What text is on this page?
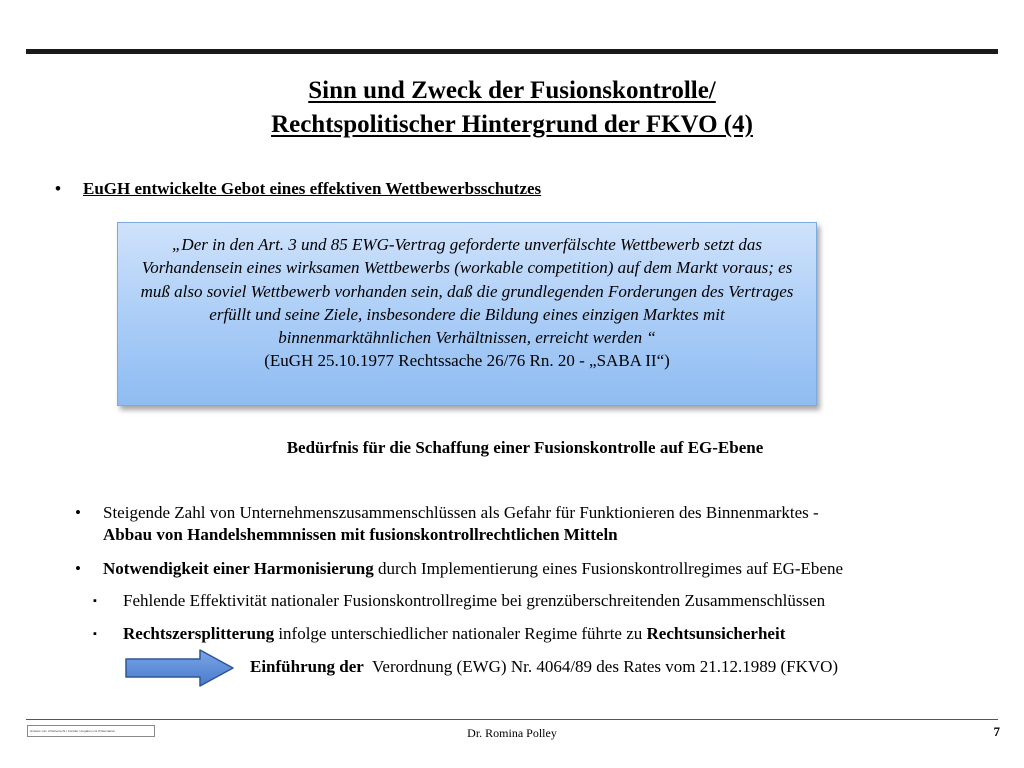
Sinn und Zweck der Fusionskontrolle/
Rechtspolitischer Hintergrund der FKVO (4)
•	EuGH entwickelte Gebot eines effektiven Wettbewerbsschutzes
„Der in den Art. 3 und 85 EWG-Vertrag geforderte unverfälschte Wettbewerb setzt das Vorhandensein eines wirksamen Wettbewerbs (workable competition) auf dem Markt voraus; es muß also soviel Wettbewerb vorhanden sein, daß die grundlegenden Forderungen des Vertrages erfüllt und seine Ziele, insbesondere die Bildung eines einzigen Marktes mit binnenmarktähnlichen Verhältnissen, erreicht werden “
(EuGH 25.10.1977 Rechtssache 26/76 Rn. 20 - „SABA II“)
Bedürfnis für die Schaffung einer Fusionskontrolle auf EG-Ebene
•	Steigende Zahl von Unternehmenszusammenschlüssen als Gefahr für Funktionieren des Binnenmarktes -
Abbau von Handelshemmnissen mit fusionskontrollrechtlichen Mitteln
•	Notwendigkeit einer Harmonisierung durch Implementierung eines Fusionskontrollregimes auf EG-Ebene
▪	Fehlende Effektivität nationaler Fusionskontrollregime bei grenzüberschreitenden Zusammenschlüssen
▪	Rechtszersplitterung infolge unterschiedlicher nationaler Regime führte zu Rechtsunsicherheit
Einführung der  Verordnung (EWG) Nr. 4064/89 des Rates vom 21.12.1989 (FKVO)
Hinweis zum Urheberrecht / Kontakt / Angaben zur Präsentation	Dr. Romina Polley	7
